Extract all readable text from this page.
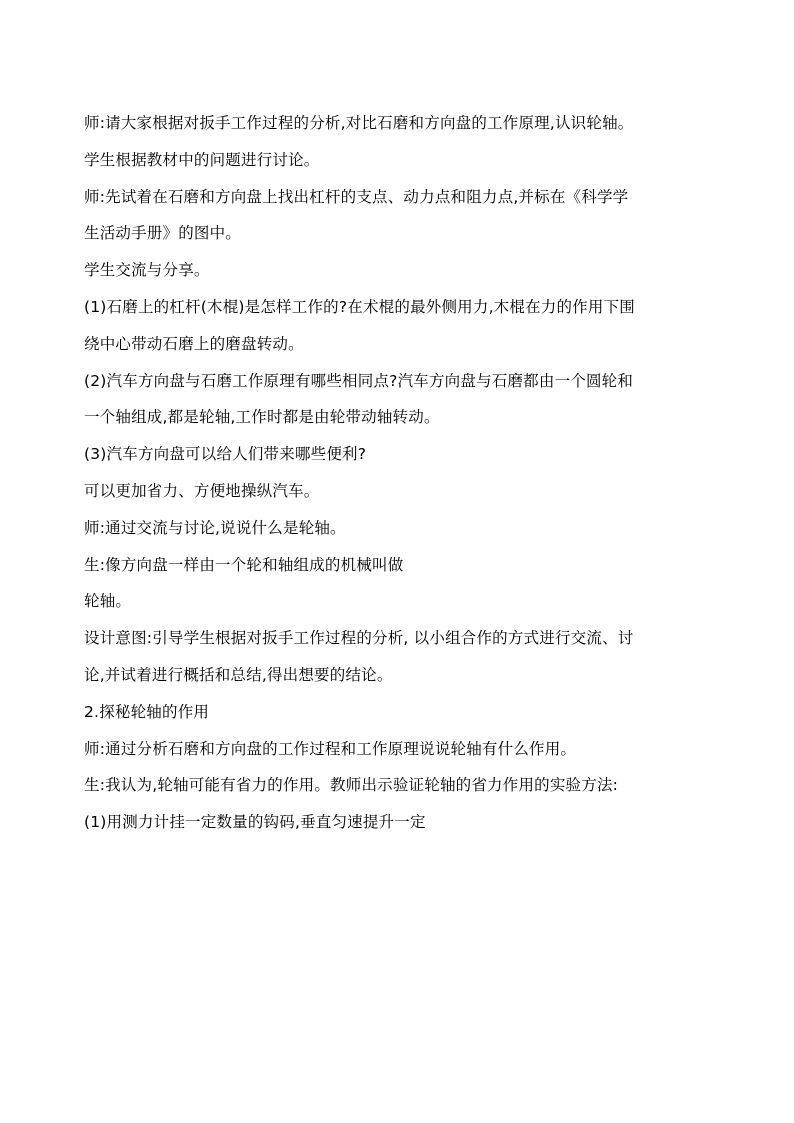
师:请大家根据对扳手工作过程的分析,对比石磨和方向盘的工作原理,认识轮轴。
学生根据教材中的问题进行讨论。
师:先试着在石磨和方向盘上找出杠杆的支点、动力点和阻力点,并标在《科学学
生活动手册》的图中。
学生交流与分享。
(1)石磨上的杠杆(木棍)是怎样工作的?在术棍的最外侧用力,木棍在力的作用下围
绕中心带动石磨上的磨盘转动。
(2)汽车方向盘与石磨工作原理有哪些相同点?汽车方向盘与石磨都由一个圆轮和
一个轴组成,都是轮轴,工作时都是由轮带动轴转动。
(3)汽车方向盘可以给人们带来哪些便利?
可以更加省力、方便地操纵汽车。
师:通过交流与讨论,说说什么是轮轴。
生:像方向盘一样由一个轮和轴组成的机械叫做
轮轴。
设计意图:引导学生根据对扳手工作过程的分析, 以小组合作的方式进行交流、讨
论,并试着进行概括和总结,得出想要的结论。
2.探秘轮轴的作用
师:通过分析石磨和方向盘的工作过程和工作原理说说轮轴有什么作用。
生:我认为,轮轴可能有省力的作用。教师出示验证轮轴的省力作用的实验方法:
(1)用测力计挂一定数量的钩码,垂直匀速提升一定
